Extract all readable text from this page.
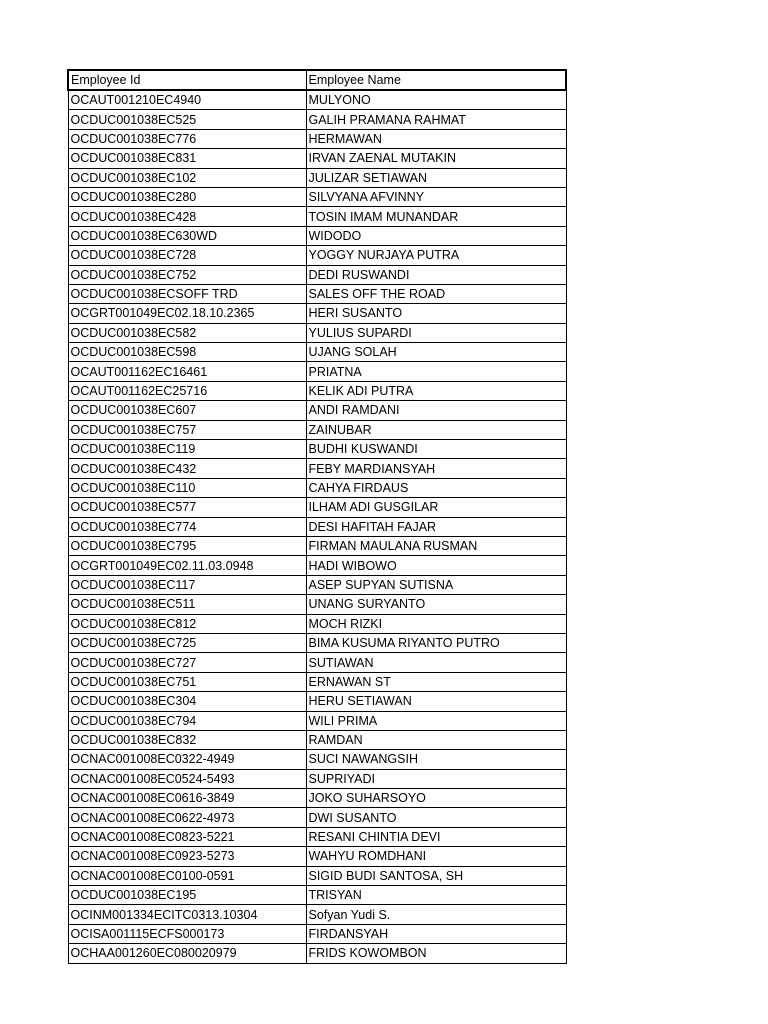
Employee Id	Employee Name
OCAUT001210EC4940	MULYONO
OCDUC001038EC525	GALIH PRAMANA RAHMAT
OCDUC001038EC776	HERMAWAN
OCDUC001038EC831	IRVAN ZAENAL MUTAKIN
OCDUC001038EC102	JULIZAR SETIAWAN
OCDUC001038EC280	SILVYANA AFVINNY
OCDUC001038EC428	TOSIN IMAM MUNANDAR
OCDUC001038EC630WD	WIDODO
OCDUC001038EC728	YOGGY NURJAYA PUTRA
OCDUC001038EC752	DEDI RUSWANDI
OCDUC001038ECSOFF TRD	SALES OFF THE ROAD
OCGRT001049EC02.18.10.2365	HERI SUSANTO
OCDUC001038EC582	YULIUS SUPARDI
OCDUC001038EC598	UJANG SOLAH
OCAUT001162EC16461	PRIATNA
OCAUT001162EC25716	KELIK ADI PUTRA
OCDUC001038EC607	ANDI RAMDANI
OCDUC001038EC757	ZAINUBAR
OCDUC001038EC119	BUDHI KUSWANDI
OCDUC001038EC432	FEBY MARDIANSYAH
OCDUC001038EC110	CAHYA FIRDAUS
OCDUC001038EC577	ILHAM ADI GUSGILAR
OCDUC001038EC774	DESI HAFITAH FAJAR
OCDUC001038EC795	FIRMAN MAULANA RUSMAN
OCGRT001049EC02.11.03.0948	HADI WIBOWO
OCDUC001038EC117	ASEP SUPYAN SUTISNA
OCDUC001038EC511	UNANG SURYANTO
OCDUC001038EC812	MOCH RIZKI
OCDUC001038EC725	BIMA KUSUMA RIYANTO PUTRO
OCDUC001038EC727	SUTIAWAN
OCDUC001038EC751	ERNAWAN ST
OCDUC001038EC304	HERU SETIAWAN
OCDUC001038EC794	WILI PRIMA
OCDUC001038EC832	RAMDAN
OCNAC001008EC0322-4949	SUCI NAWANGSIH
OCNAC001008EC0524-5493	SUPRIYADI
OCNAC001008EC0616-3849	JOKO SUHARSOYO
OCNAC001008EC0622-4973	DWI SUSANTO
OCNAC001008EC0823-5221	RESANI CHINTIA DEVI
OCNAC001008EC0923-5273	WAHYU ROMDHANI
OCNAC001008EC0100-0591	SIGID BUDI SANTOSA, SH
OCDUC001038EC195	TRISYAN
OCINM001334ECITC0313.10304	Sofyan Yudi S.
OCISA001115ECFS000173	FIRDANSYAH
OCHAA001260EC080020979	FRIDS KOWOMBON
